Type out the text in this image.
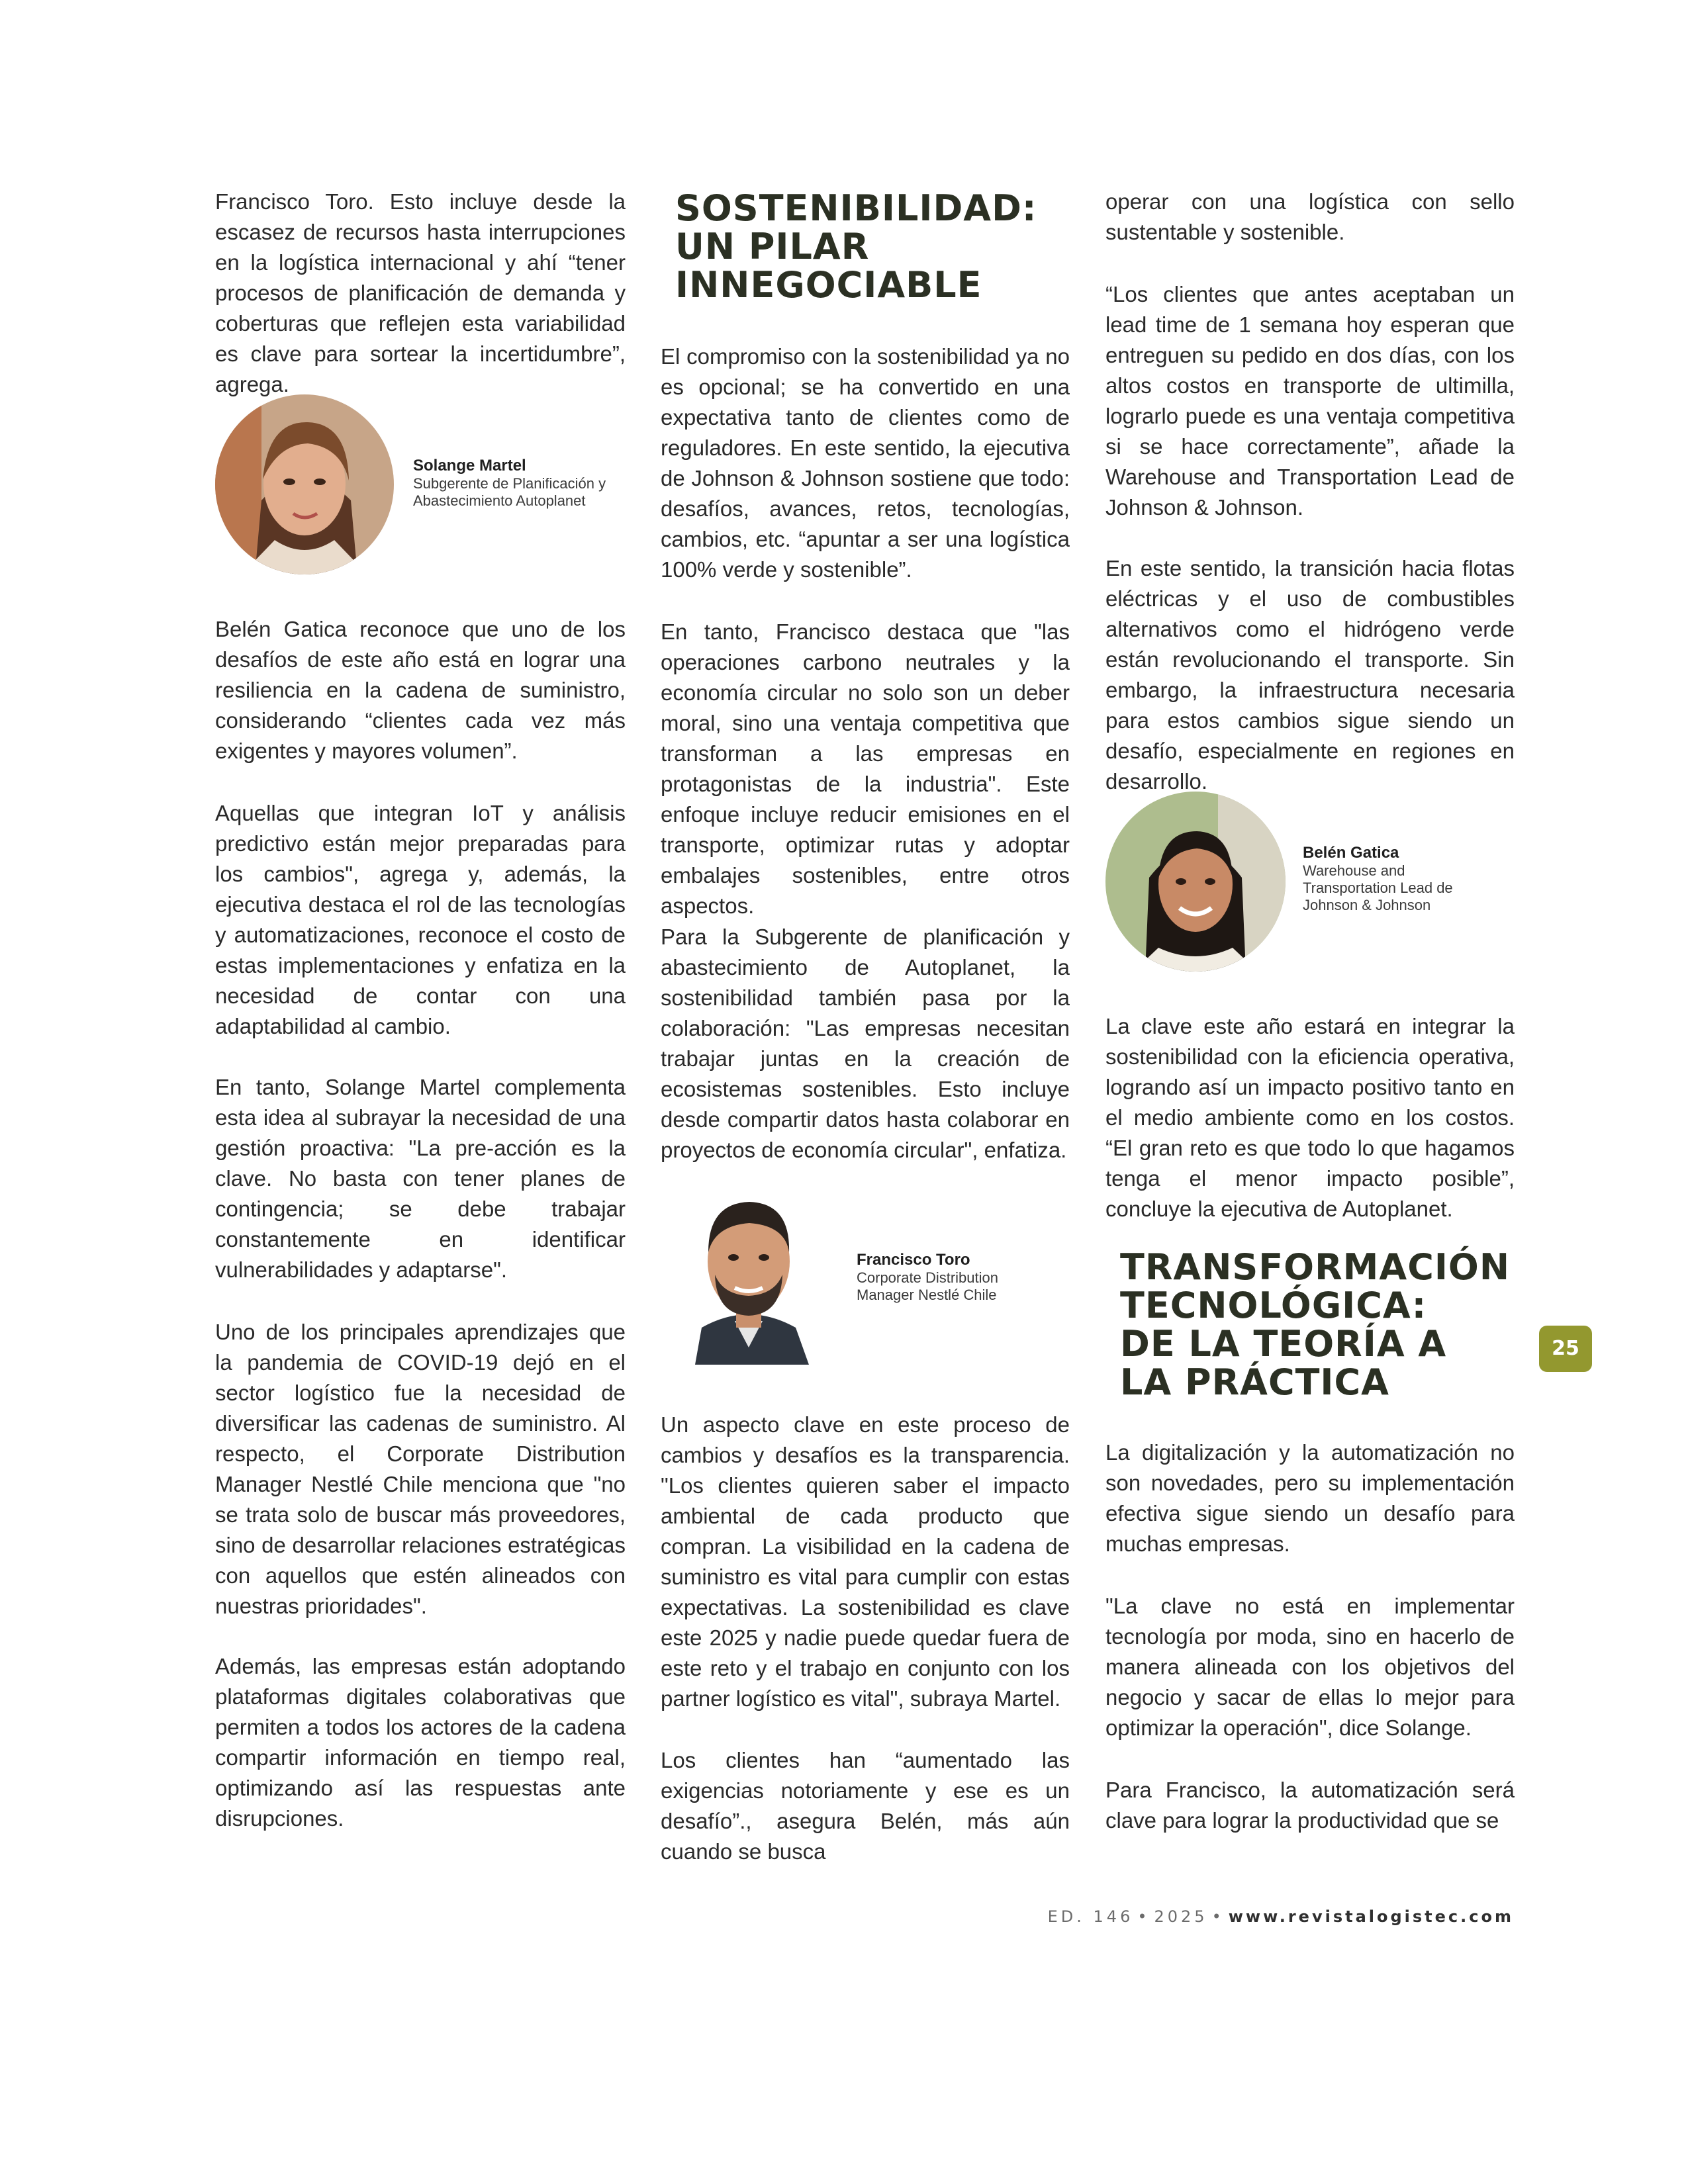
Francisco Toro. Esto incluye desde la escasez de recursos hasta interrupciones en la logística internacional y ahí “tener procesos de planificación de demanda y coberturas que reflejen esta variabilidad es clave para sortear la incertidumbre”, agrega.

Solange Martel
Subgerente de Planificación y Abastecimiento Autoplanet

Belén Gatica reconoce que uno de los desafíos de este año está en lograr una resiliencia en la cadena de suministro, considerando “clientes cada vez más exigentes y mayores volumen”.

Aquellas que integran IoT y análisis predictivo están mejor preparadas para los cambios", agrega y, además, la ejecutiva destaca el rol de las tecnologías y automatizaciones, reconoce el costo de estas implementaciones y enfatiza en la necesidad de contar con una adaptabilidad al cambio.

En tanto, Solange Martel complementa esta idea al subrayar la necesidad de una gestión proactiva: "La pre-acción es la clave. No basta con tener planes de contingencia; se debe trabajar constantemente en identificar vulnerabilidades y adaptarse".

Uno de los principales aprendizajes que la pandemia de COVID-19 dejó en el sector logístico fue la necesidad de diversificar las cadenas de suministro. Al respecto, el Corporate Distribution Manager Nestlé Chile menciona que "no se trata solo de buscar más proveedores, sino de desarrollar relaciones estratégicas con aquellos que estén alineados con nuestras prioridades".

Además, las empresas están adoptando plataformas digitales colaborativas que permiten a todos los actores de la cadena compartir información en tiempo real, optimizando así las respuestas ante disrupciones.

SOSTENIBILIDAD: UN PILAR INNEGOCIABLE

El compromiso con la sostenibilidad ya no es opcional; se ha convertido en una expectativa tanto de clientes como de reguladores. En este sentido, la ejecutiva de Johnson & Johnson sostiene que todo: desafíos, avances, retos, tecnologías, cambios, etc. “apuntar a ser una logística 100% verde y sostenible”.

En tanto, Francisco destaca que "las operaciones carbono neutrales y la economía circular no solo son un deber moral, sino una ventaja competitiva que transforman a las empresas en protagonistas de la industria". Este enfoque incluye reducir emisiones en el transporte, optimizar rutas y adoptar embalajes sostenibles, entre otros aspectos.

Para la Subgerente de planificación y abastecimiento de Autoplanet, la sostenibilidad también pasa por la colaboración: "Las empresas necesitan trabajar juntas en la creación de ecosistemas sostenibles. Esto incluye desde compartir datos hasta colaborar en proyectos de economía circular", enfatiza.

Francisco Toro
Corporate Distribution Manager Nestlé Chile

Un aspecto clave en este proceso de cambios y desafíos es la transparencia. "Los clientes quieren saber el impacto ambiental de cada producto que compran. La visibilidad en la cadena de suministro es vital para cumplir con estas expectativas. La sostenibilidad es clave este 2025 y nadie puede quedar fuera de este reto y el trabajo en conjunto con los partner logístico es vital", subraya Martel.

Los clientes han “aumentado las exigencias notoriamente y ese es un desafío”., asegura Belén, más aún cuando se busca

operar con una logística con sello sustentable y sostenible.

“Los clientes que antes aceptaban un lead time de 1 semana hoy esperan que entreguen su pedido en dos días, con los altos costos en transporte de ultimilla, lograrlo puede es una ventaja competitiva si se hace correctamente”, añade la Warehouse and Transportation Lead de Johnson & Johnson.

En este sentido, la transición hacia flotas eléctricas y el uso de combustibles alternativos como el hidrógeno verde están revolucionando el transporte. Sin embargo, la infraestructura necesaria para estos cambios sigue siendo un desafío, especialmente en regiones en desarrollo.

Belén Gatica
Warehouse and Transportation Lead de Johnson & Johnson

La clave este año estará en integrar la sostenibilidad con la eficiencia operativa, logrando así un impacto positivo tanto en el medio ambiente como en los costos. “El gran reto es que todo lo que hagamos tenga el menor impacto posible”, concluye la ejecutiva de Autoplanet.

TRANSFORMACIÓN TECNOLÓGICA: DE LA TEORÍA A LA PRÁCTICA

La digitalización y la automatización no son novedades, pero su implementación efectiva sigue siendo un desafío para muchas empresas.

"La clave no está en implementar tecnología por moda, sino en hacerlo de manera alineada con los objetivos del negocio y sacar de ellas lo mejor para optimizar la operación", dice Solange.

Para Francisco, la automatización será clave para lograr la productividad que se

25
ED. 146 • 2025 • www.revistalogistec.com
